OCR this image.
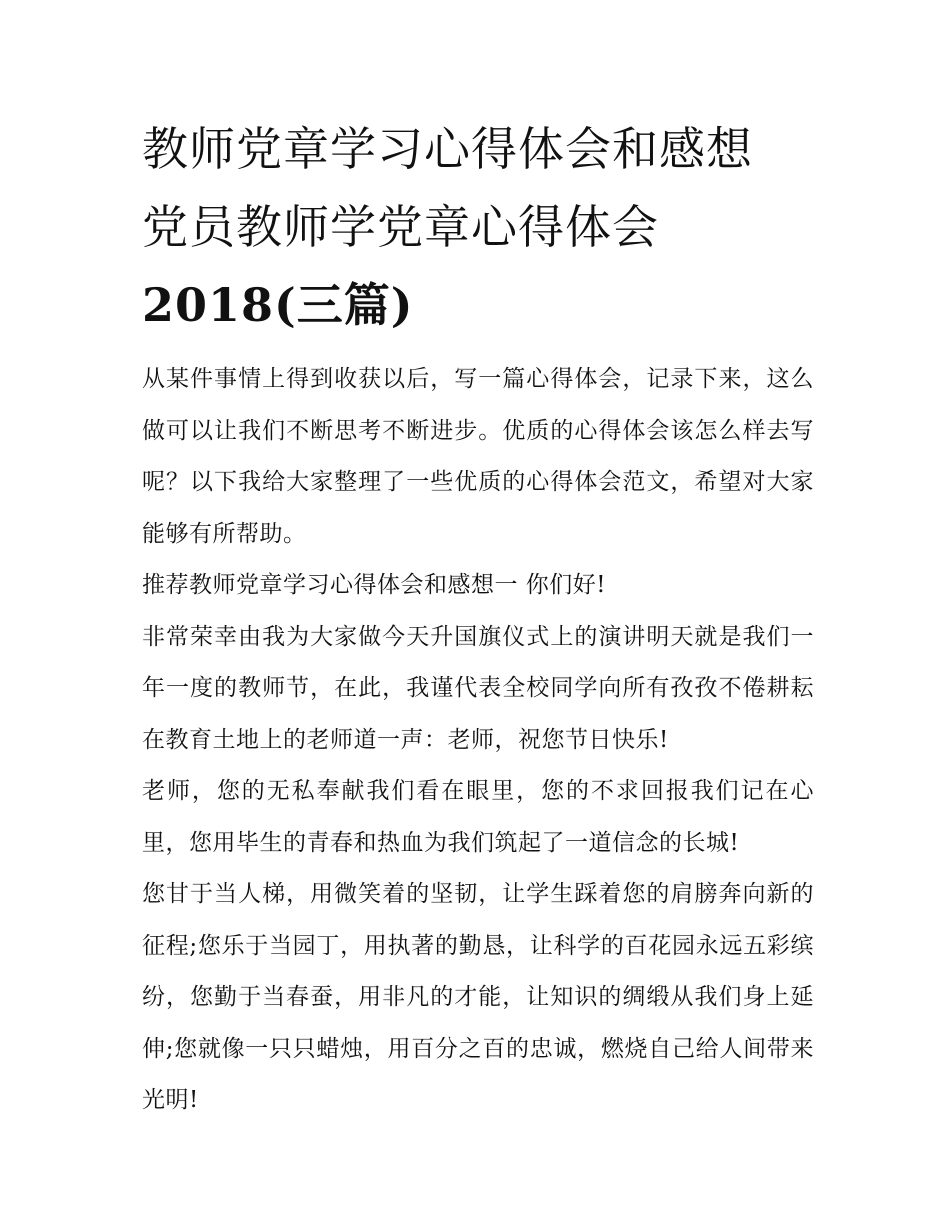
教师党章学习心得体会和感想
党员教师学党章心得体会
2018(三篇)

从某件事情上得到收获以后，写一篇心得体会，记录下来，这么做可以让我们不断思考不断进步。优质的心得体会该怎么样去写呢？以下我给大家整理了一些优质的心得体会范文，希望对大家能够有所帮助。

推荐教师党章学习心得体会和感想一 你们好!

非常荣幸由我为大家做今天升国旗仪式上的演讲明天就是我们一年一度的教师节，在此，我谨代表全校同学向所有孜孜不倦耕耘在教育土地上的老师道一声：老师，祝您节日快乐!

老师，您的无私奉献我们看在眼里，您的不求回报我们记在心里，您用毕生的青春和热血为我们筑起了一道信念的长城!

您甘于当人梯，用微笑着的坚韧，让学生踩着您的肩膀奔向新的征程;您乐于当园丁，用执著的勤恳，让科学的百花园永远五彩缤纷，您勤于当春蚕，用非凡的才能，让知识的绸缎从我们身上延伸;您就像一只只蜡烛，用百分之百的忠诚，燃烧自己给人间带来光明!
